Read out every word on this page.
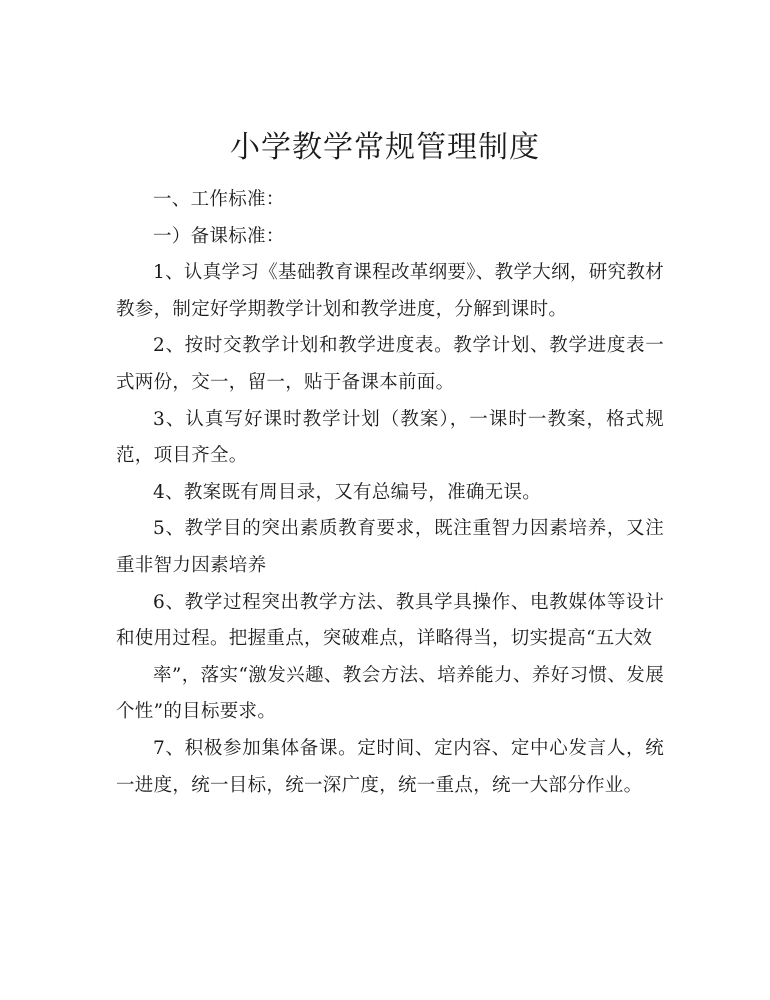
小学教学常规管理制度

一、工作标准：

一）备课标准：

1、认真学习《基础教育课程改革纲要》、教学大纲，研究教材教参，制定好学期教学计划和教学进度，分解到课时。

2、按时交教学计划和教学进度表。教学计划、教学进度表一式两份，交一，留一，贴于备课本前面。

3、认真写好课时教学计划（教案），一课时一教案，格式规范，项目齐全。

4、教案既有周目录，又有总编号，准确无误。

5、教学目的突出素质教育要求，既注重智力因素培养，又注重非智力因素培养

6、教学过程突出教学方法、教具学具操作、电教媒体等设计和使用过程。把握重点，突破难点，详略得当，切实提高“五大效

率”，落实“激发兴趣、教会方法、培养能力、养好习惯、发展个性”的目标要求。

7、积极参加集体备课。定时间、定内容、定中心发言人，统一进度，统一目标，统一深广度，统一重点，统一大部分作业。
